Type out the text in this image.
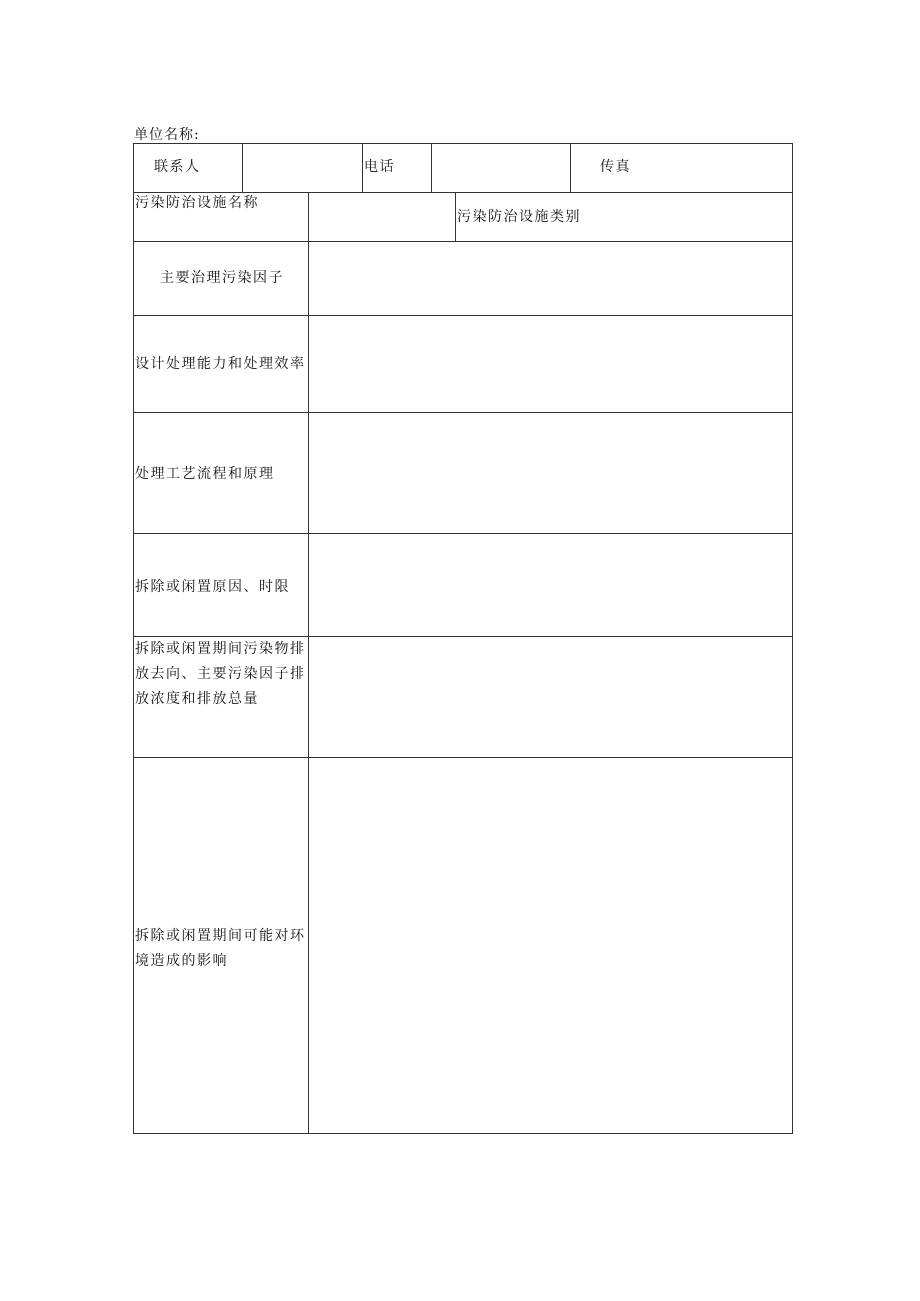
单位名称:
联系人	电话	传真
污染防治设施名称
污染防治设施类别
主要治理污染因子
设计处理能力和处理效率
处理工艺流程和原理
拆除或闲置原因、时限
拆除或闲置期间污染物排
放去向、主要污染因子排
放浓度和排放总量
拆除或闲置期间可能对环
境造成的影响
